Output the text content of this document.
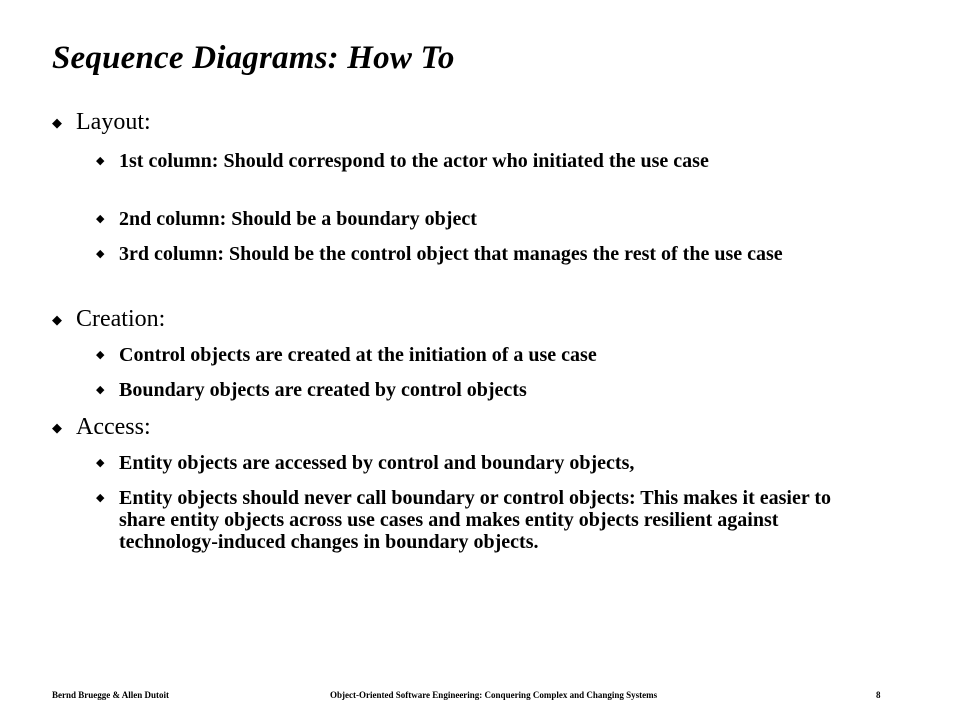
Sequence Diagrams: How To
◆ Layout:
◆ 1st column: Should correspond to the actor who initiated the use case
◆ 2nd column: Should be a boundary object
◆ 3rd column: Should be the control object that manages the rest of the use case
◆ Creation:
◆ Control objects are created at the initiation of a use case
◆ Boundary objects are created by control objects
◆ Access:
◆ Entity objects are accessed by control and boundary objects,
◆ Entity objects should never call boundary or control objects: This makes it easier to share entity objects across use cases and makes entity objects resilient against technology-induced changes in boundary objects.
Bernd Bruegge & Allen Dutoit	Object-Oriented Software Engineering: Conquering Complex and Changing Systems	8
